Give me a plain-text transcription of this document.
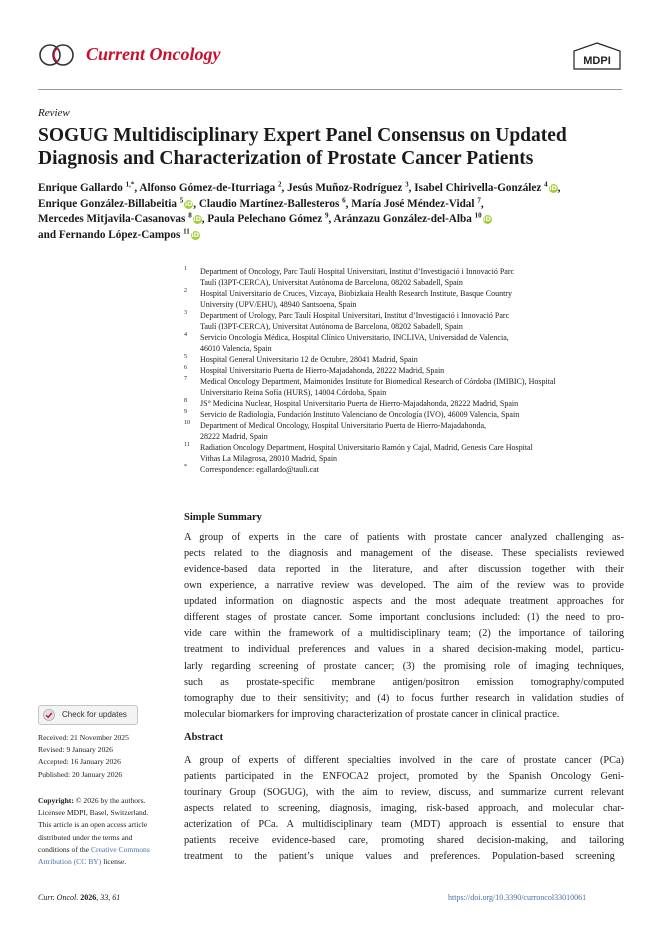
Current Oncology	MDPI
Review
SOGUG Multidisciplinary Expert Panel Consensus on Updated Diagnosis and Characterization of Prostate Cancer Patients
Enrique Gallardo $^{1,*}$, Alfonso Gómez-de-Iturriaga $^2$, Jesús Muñoz-Rodríguez $^3$, Isabel Chirivella-González $^4$ iD,
Enrique González-Billabeitia $^5$ iD, Claudio Martínez-Ballesteros $^6$, María José Méndez-Vidal $^7$,
Mercedes Mitjavila-Casanovas $^8$ iD, Paula Pelechano Gómez $^9$, Aránzazu González-del-Alba $^{10}$ iD
and Fernando López-Campos $^{11}$ iD
1 Department of Oncology, Parc Taulí Hospital Universitari, Institut d’Investigació i Innovació Parc
Taulí (I3PT-CERCA), Universitat Autònoma de Barcelona, 08202 Sabadell, Spain
2 Hospital Universitario de Cruces, Vizcaya, Biobizkaia Health Research Institute, Basque Country
University (UPV/EHU), 48940 Santsoena, Spain
3 Department of Urology, Parc Taulí Hospital Universitari, Institut d’Investigació i Innovació Parc
Taulí (I3PT-CERCA), Universitat Autònoma de Barcelona, 08202 Sabadell, Spain
4 Servicio Oncología Médica, Hospital Clínico Universitario, INCLIVA, Universidad de Valencia,
46010 Valencia, Spain
5 Hospital General Universitario 12 de Octubre, 28041 Madrid, Spain
6 Hospital Universitario Puerta de Hierro-Majadahonda, 28222 Madrid, Spain
7 Medical Oncology Department, Maimonides Institute for Biomedical Research of Córdoba (IMIBIC), Hospital
Universitario Reina Sofía (HURS), 14004 Córdoba, Spain
8 JS° Medicina Nuclear, Hospital Universitario Puerta de Hierro-Majadahonda, 28222 Madrid, Spain
9 Servicio de Radiología, Fundación Instituto Valenciano de Oncología (IVO), 46009 Valencia, Spain
10 Department of Medical Oncology, Hospital Universitario Puerta de Hierro-Majadahonda,
28222 Madrid, Spain
11 Radiation Oncology Department, Hospital Universitario Ramón y Cajal, Madrid, Genesis Care Hospital
Vithas La Milagrosa, 28010 Madrid, Spain
* Correspondence: egallardo@tauli.cat
Check for updates
Received: 21 November 2025
Revised: 9 January 2026
Accepted: 16 January 2026
Published: 20 January 2026
Copyright: © 2026 by the authors.
Licensee MDPI, Basel, Switzerland.
This article is an open access article
distributed under the terms and
conditions of the Creative Commons
Attribution (CC BY) license.
Simple Summary
A group of experts in the care of patients with prostate cancer analyzed challenging as-
pects related to the diagnosis and management of the disease. These specialists reviewed
evidence-based data reported in the literature, and after discussion together with their
own experience, a narrative review was developed. The aim of the review was to provide
updated information on diagnostic aspects and the most adequate treatment approaches for
different stages of prostate cancer. Some important conclusions included: (1) the need to pro-
vide care within the framework of a multidisciplinary team; (2) the importance of tailoring
treatment to individual preferences and values in a shared decision-making model, particu-
larly regarding screening of prostate cancer; (3) the promising role of imaging techniques,
such as prostate-specific membrane antigen/positron emission tomography/computed
tomography due to their sensitivity; and (4) to focus further research in validation studies of
molecular biomarkers for improving characterization of prostate cancer in clinical practice.
Abstract
A group of experts of different specialties involved in the care of prostate cancer (PCa)
patients participated in the ENFOCA2 project, promoted by the Spanish Oncology Geni-
tourinary Group (SOGUG), with the aim to review, discuss, and summarize current relevant
aspects related to screening, diagnosis, imaging, risk-based approach, and molecular char-
acterization of PCa. A multidisciplinary team (MDT) approach is essential to ensure that
patients receive evidence-based care, promoting shared decision-making, and tailoring
treatment to the patient’s unique values and preferences. Population-based screening
Curr. Oncol. 2026, 33, 61	https://doi.org/10.3390/curroncol33010061
